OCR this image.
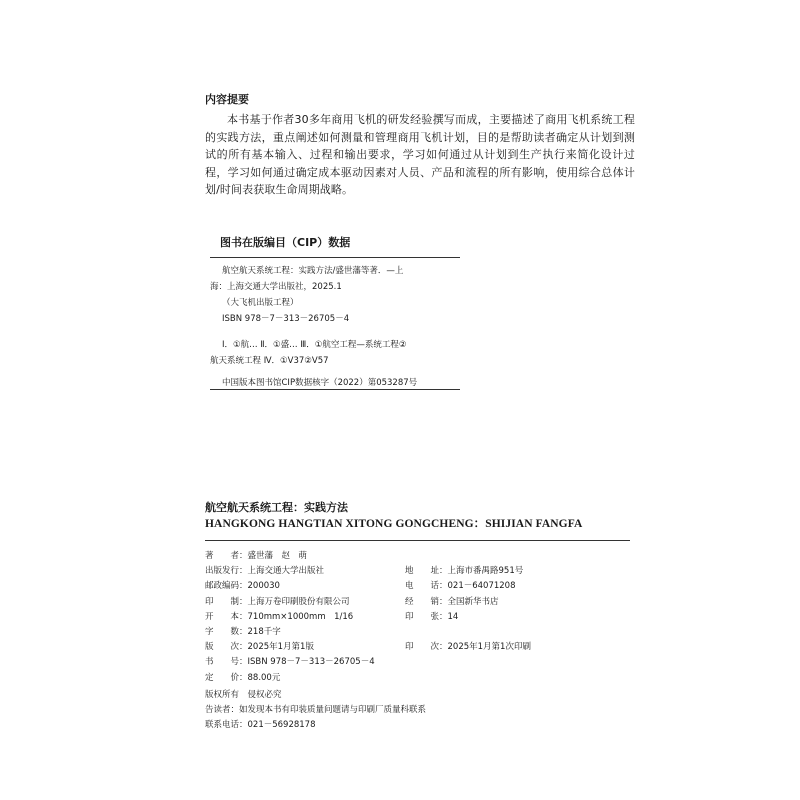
内容提要

本书基于作者30多年商用飞机的研发经验撰写而成，主要描述了商用飞机系统工程的实践方法，重点阐述如何测量和管理商用飞机计划，目的是帮助读者确定从计划到测试的所有基本输入、过程和输出要求，学习如何通过从计划到生产执行来简化设计过程，学习如何通过确定成本驱动因素对人员、产品和流程的所有影响，使用综合总体计划/时间表获取生命周期战略。

图书在版编目（CIP）数据

航空航天系统工程：实践方法/盛世藩等著．—上
海：上海交通大学出版社，2025.1
（大飞机出版工程）
ISBN 978－7－313－26705－4
Ⅰ．①航… Ⅱ．①盛… Ⅲ．①航空工程—系统工程②
航天系统工程 Ⅳ．①V37②V57
中国版本图书馆CIP数据核字（2022）第053287号

航空航天系统工程：实践方法

HANGKONG HANGTIAN XITONG GONGCHENG：SHIJIAN FANGFA

著　　者：盛世藩　赵　萌
出版发行：上海交通大学出版社	地　　址：上海市番禺路951号
邮政编码：200030	电　　话：021－64071208
印　　制：上海万卷印刷股份有限公司	经　　销：全国新华书店
开　　本：710mm×1000mm　1/16	印　　张：14
字　　数：218千字
版　　次：2025年1月第1版	印　　次：2025年1月第1次印刷
书　　号：ISBN 978－7－313－26705－4
定　　价：88.00元
版权所有　侵权必究
告读者：如发现本书有印装质量问题请与印刷厂质量科联系
联系电话：021－56928178
